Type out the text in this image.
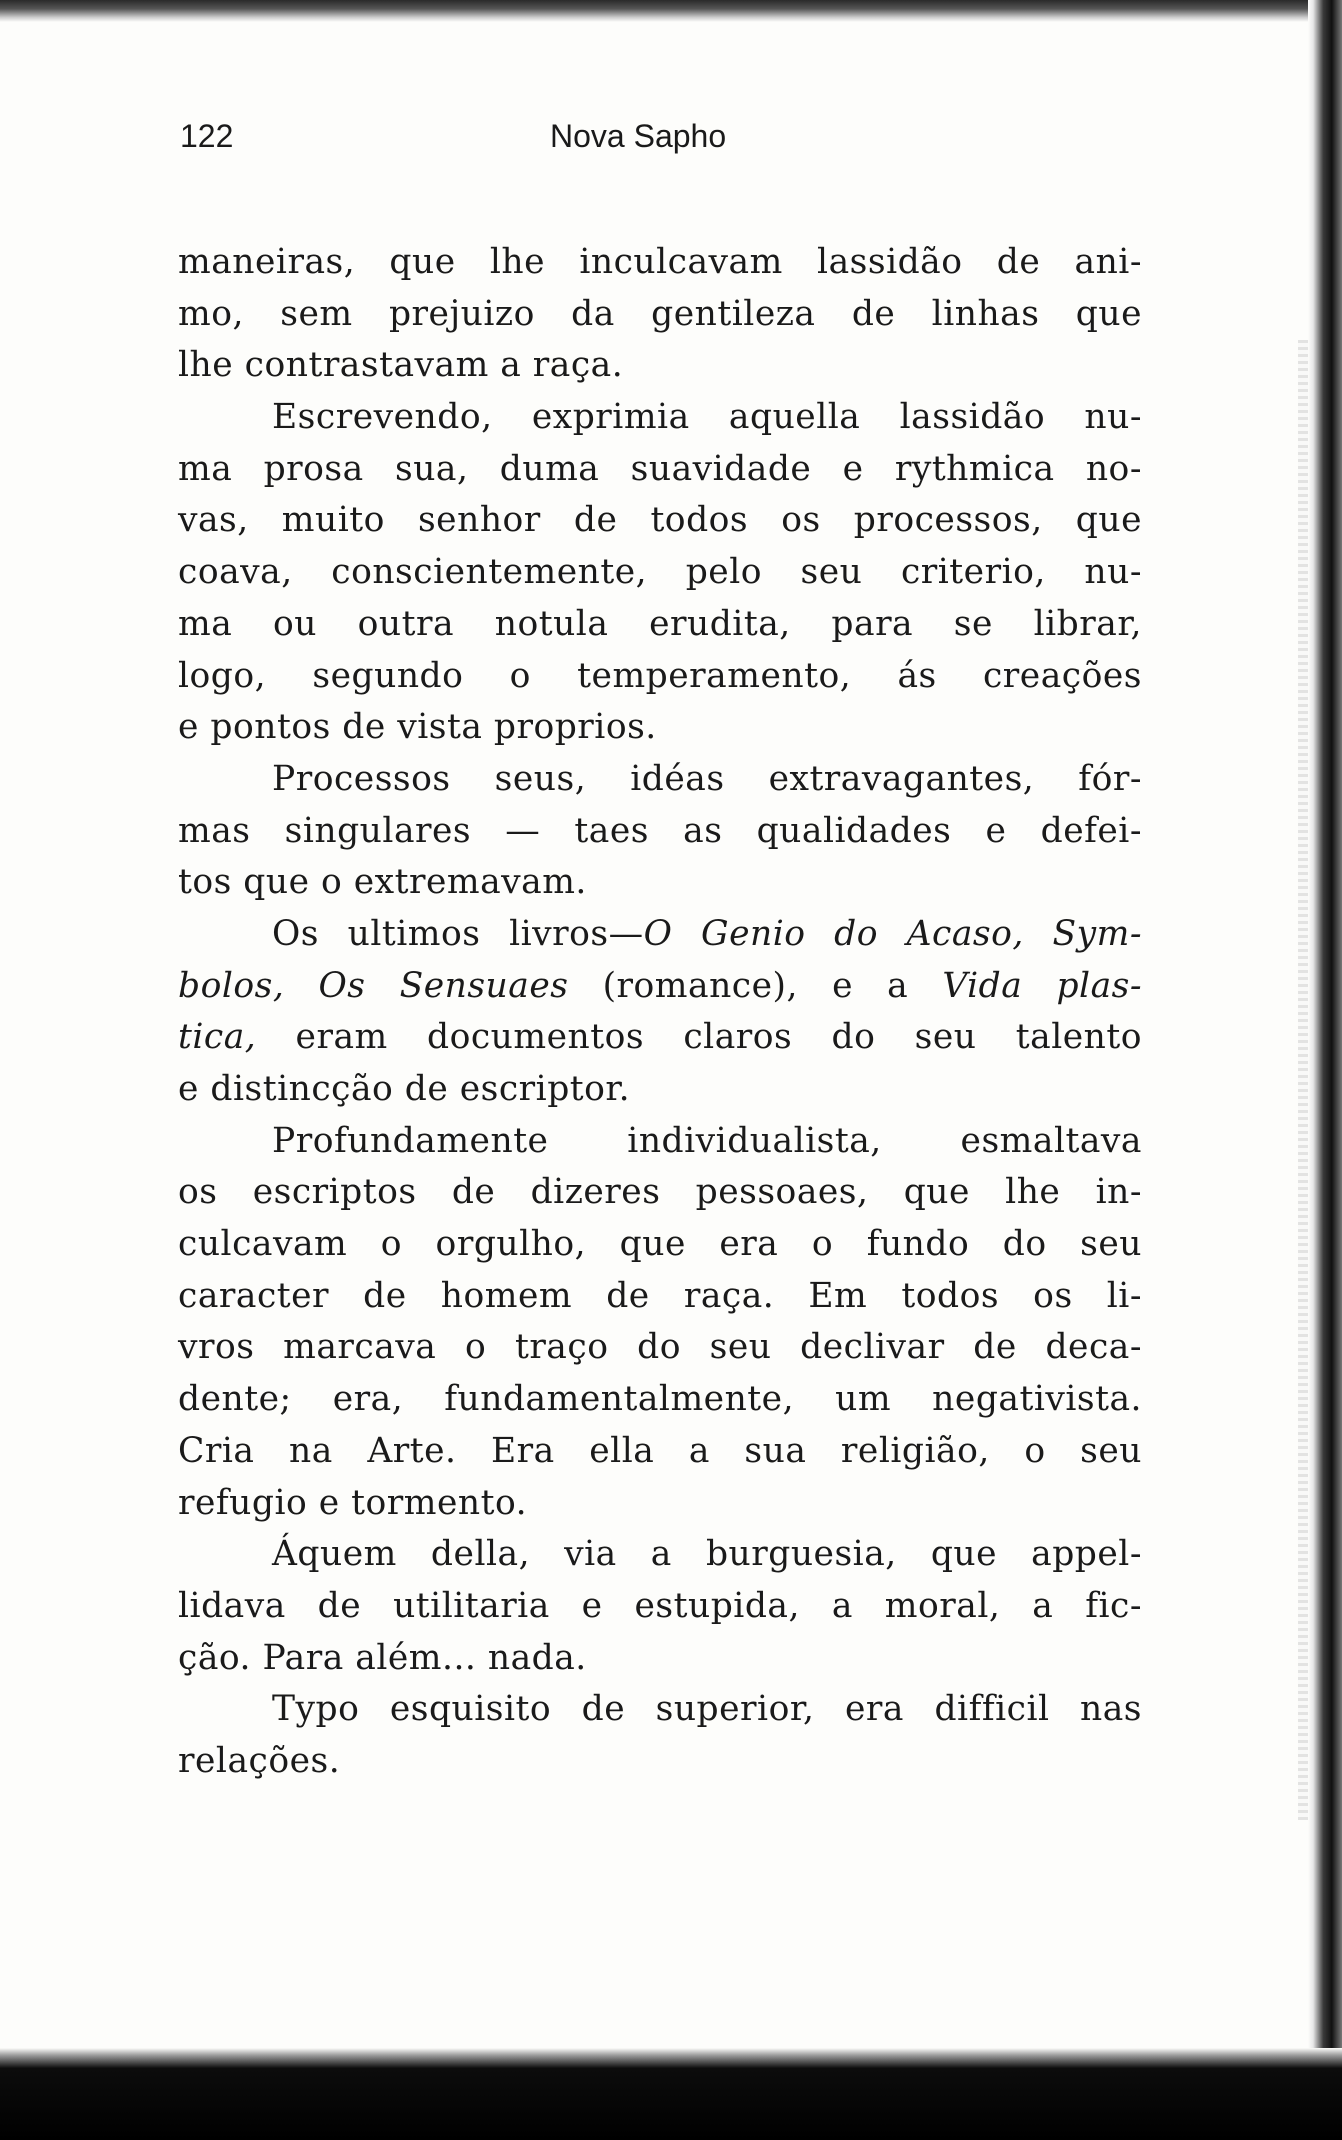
122	Nova Sapho
maneiras, que lhe inculcavam lassidão de ani-
mo, sem prejuizo da gentileza de linhas que
lhe contrastavam a raça.
Escrevendo, exprimia aquella lassidão nu-
ma prosa sua, duma suavidade e rythmica no-
vas, muito senhor de todos os processos, que
coava, conscientemente, pelo seu criterio, nu-
ma ou outra notula erudita, para se librar,
logo, segundo o temperamento, ás creações
e pontos de vista proprios.
Processos seus, idéas extravagantes, fór-
mas singulares — taes as qualidades e defei-
tos que o extremavam.
Os ultimos livros—O Genio do Acaso, Sym-
bolos, Os Sensuaes (romance), e a Vida plas-
tica, eram documentos claros do seu talento
e distincção de escriptor.
Profundamente individualista, esmaltava
os escriptos de dizeres pessoaes, que lhe in-
culcavam o orgulho, que era o fundo do seu
caracter de homem de raça. Em todos os li-
vros marcava o traço do seu declivar de deca-
dente; era, fundamentalmente, um negativista.
Cria na Arte. Era ella a sua religião, o seu
refugio e tormento.
Áquem della, via a burguesia, que appel-
lidava de utilitaria e estupida, a moral, a fic-
ção. Para além... nada.
Typo esquisito de superior, era difficil nas
relações.
